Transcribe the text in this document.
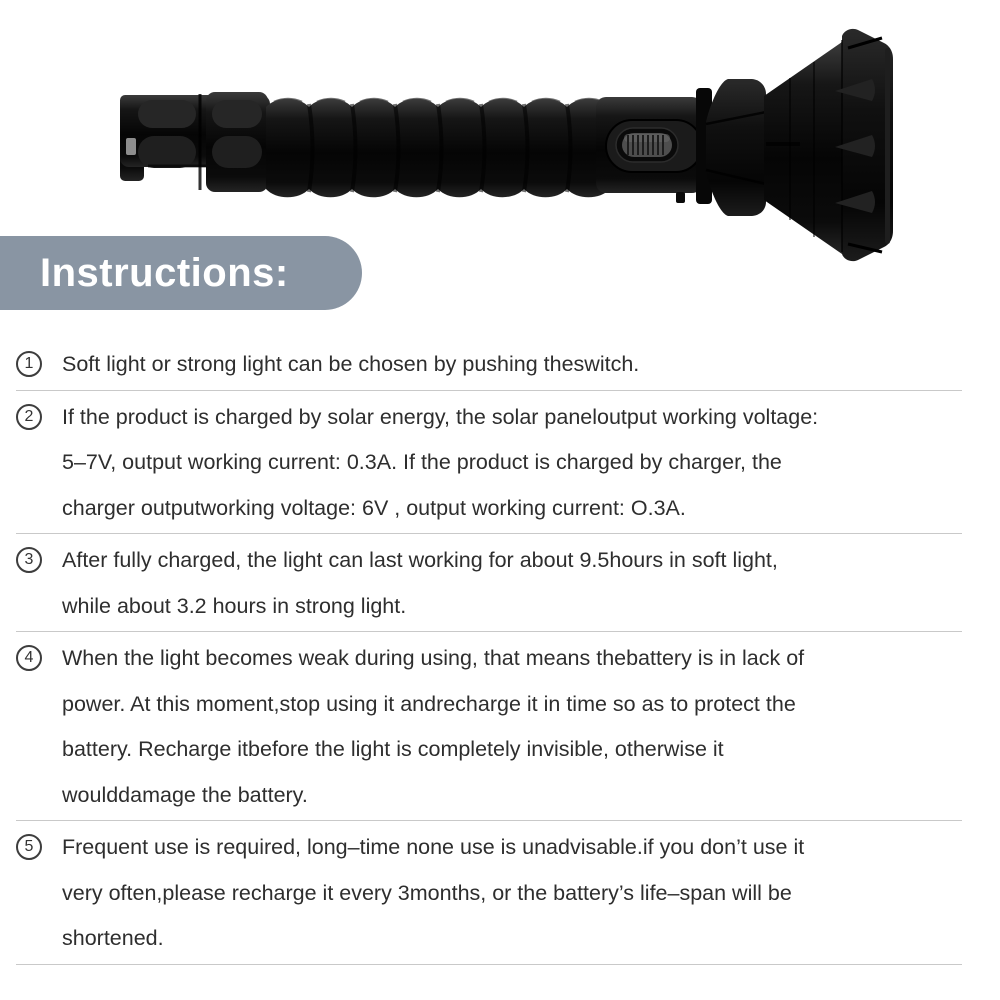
Instructions:
1	Soft light or strong light can be chosen by pushing theswitch.
2	If the product is charged by solar energy, the solar paneloutput working voltage:
5–7V, output working current: 0.3A. If the product is charged by charger, the
charger outputworking voltage: 6V , output working current: O.3A.
3	After fully charged, the light can last working for about 9.5hours in soft light,
while about 3.2 hours in strong light.
4	When the light becomes weak during using, that means thebattery is in lack of
power. At this moment,stop using it andrecharge it in time so as to protect the
battery. Recharge itbefore the light is completely invisible, otherwise it
woulddamage the battery.
5	Frequent use is required, long–time none use is unadvisable.if you don’t use it
very often,please recharge it every 3months, or the battery’s life–span will be
shortened.
